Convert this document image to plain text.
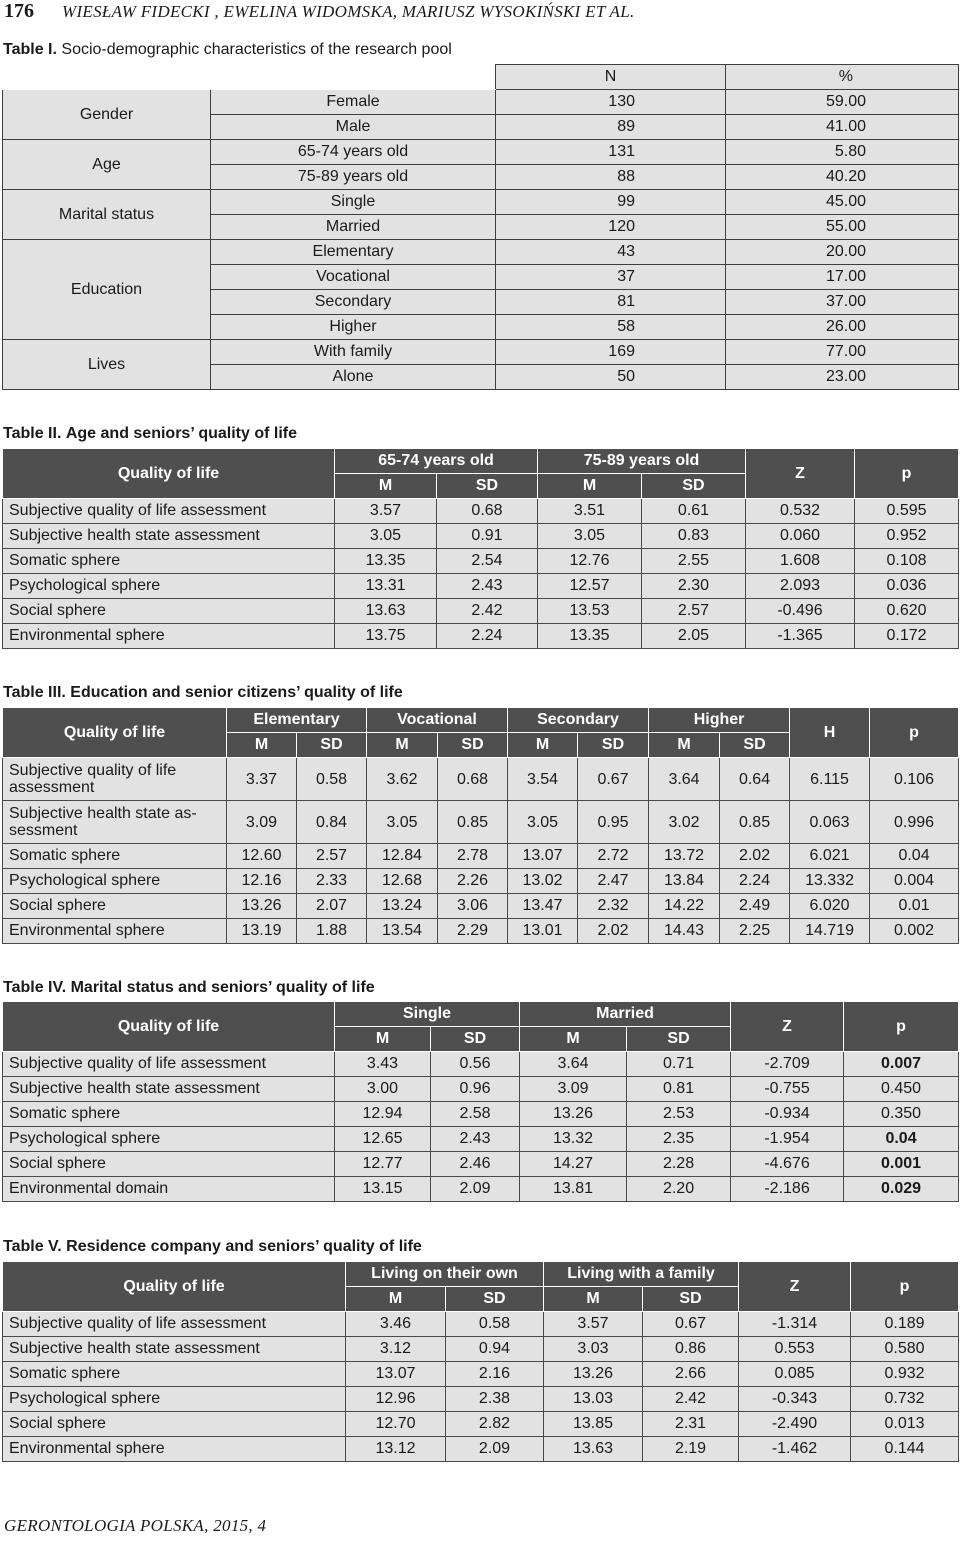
176 WIESŁAW FIDECKI , EWELINA WIDOMSKA, MARIUSZ WYSOKIŃSKI ET AL.
Table I. Socio-demographic characteristics of the research pool
		N	%
Gender	Female	130	59.00
	Male	89	41.00
Age	65-74 years old	131	5.80
	75-89 years old	88	40.20
Marital status	Single	99	45.00
	Married	120	55.00
Education	Elementary	43	20.00
	Vocational	37	17.00
	Secondary	81	37.00
	Higher	58	26.00
Lives	With family	169	77.00
	Alone	50	23.00
Table II. Age and seniors’ quality of life
Quality of life	65-74 years old		75-89 years old		Z	p
	M	SD	M	SD		
Subjective quality of life assessment	3.57	0.68	3.51	0.61	0.532	0.595
Subjective health state assessment	3.05	0.91	3.05	0.83	0.060	0.952
Somatic sphere	13.35	2.54	12.76	2.55	1.608	0.108
Psychological sphere	13.31	2.43	12.57	2.30	2.093	0.036
Social sphere	13.63	2.42	13.53	2.57	-0.496	0.620
Environmental sphere	13.75	2.24	13.35	2.05	-1.365	0.172
Table III. Education and senior citizens’ quality of life
Quality of life	Elementary		Vocational		Secondary		Higher		H	p
	M	SD	M	SD	M	SD	M	SD		

Subjective quality of life
assessment	3.37	0.58	3.62	0.68	3.54	0.67	3.64	0.64	6.115	0.106

Subjective health state as-
sessment	3.09	0.84	3.05	0.85	3.05	0.95	3.02	0.85	0.063	0.996
Somatic sphere	12.60	2.57	12.84	2.78	13.07	2.72	13.72	2.02	6.021	0.04
Psychological sphere	12.16	2.33	12.68	2.26	13.02	2.47	13.84	2.24	13.332	0.004
Social sphere	13.26	2.07	13.24	3.06	13.47	2.32	14.22	2.49	6.020	0.01
Environmental sphere	13.19	1.88	13.54	2.29	13.01	2.02	14.43	2.25	14.719	0.002
Table IV. Marital status and seniors’ quality of life
Quality of life	Single		Married		Z	p
	M	SD	M	SD		
Subjective quality of life assessment	3.43	0.56	3.64	0.71	-2.709	0.007
Subjective health state assessment	3.00	0.96	3.09	0.81	-0.755	0.450
Somatic sphere	12.94	2.58	13.26	2.53	-0.934	0.350
Psychological sphere	12.65	2.43	13.32	2.35	-1.954	0.04
Social sphere	12.77	2.46	14.27	2.28	-4.676	0.001
Environmental domain	13.15	2.09	13.81	2.20	-2.186	0.029
Table V. Residence company and seniors’ quality of life
Quality of life	Living on their own		Living with a family		Z	p
	M	SD	M	SD		
Subjective quality of life assessment	3.46	0.58	3.57	0.67	-1.314	0.189
Subjective health state assessment	3.12	0.94	3.03	0.86	0.553	0.580
Somatic sphere	13.07	2.16	13.26	2.66	0.085	0.932
Psychological sphere	12.96	2.38	13.03	2.42	-0.343	0.732
Social sphere	12.70	2.82	13.85	2.31	-2.490	0.013
Environmental sphere	13.12	2.09	13.63	2.19	-1.462	0.144
GERONTOLOGIA POLSKA, 2015, 4
